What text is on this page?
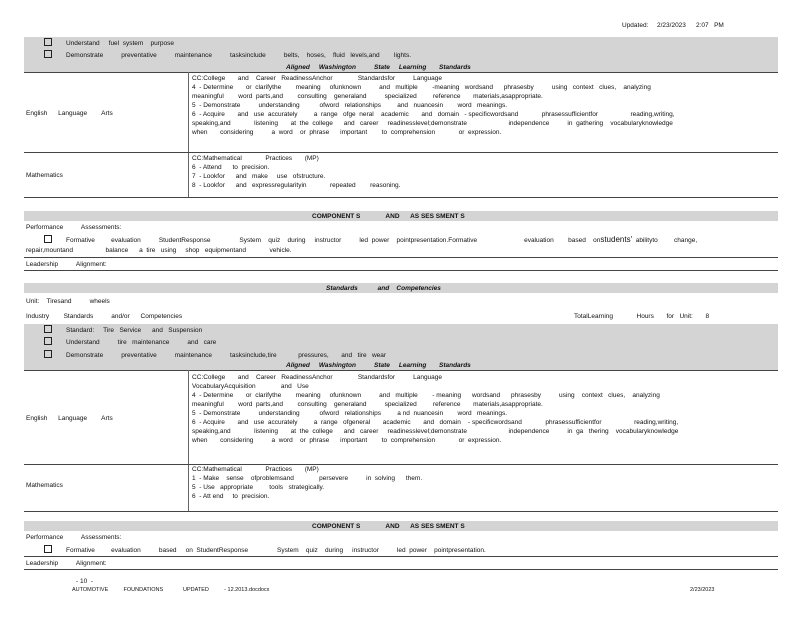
Updated: 2/23/2023 2:07   PM
Understand     fuel  system    purpose
Demonstrate          preventative          maintenance          tasksinclude          belts,    hoses,    fluid   levels,and        lights.
Aligned     Washington          State     Learning       Standards
English      Language        Arts
CC:College       and    Career   ReadinessAnchor              Standardsfor          Language
4  - Determine       or  clarifythe        meaning     ofunknown          and   multiple        -meaning   wordsand      phrasesby          using   context   clues,    analyzing
meaningful        word  parts,and        consulting    generaland          specialized         reference       materials,asappropriate.
5  - Demonstrate          understanding           ofword   relationships         and   nuancesin        word   meanings.
6  - Acquire       and   use  accurately         a  range   ofge  neral    academic       and   domain   - specificwordsand             phrasessufficientfor                  reading,writing,
speaking,and             listening       at  the  college      and   career     readinesslevel;demonstrate                       independence          in  gathering    vocabularyknowledge
when       considering          a  word    or  phrase      important        to  comprehension             or  expression.
Mathematics
CC:Mathematical             Practices       (MP)
6  - Attend      to  precision.
7  - Lookfor      and   make     use   ofstructure.
8  - Lookfor      and   expressregularityin             repeated        reasoning.
COMPONENT S              AND      AS SES SMENT S
Performance          Assessments:
Formative         evaluation          StudentResponse                System    quiz    during     instructor          led  power    pointpresentation.Formative                          evaluation        based    onstudents'  abilityto         change,
repair,mountand                  balance      a  tire   using     shop   equipmentand             vehicle.
Leadership          Alignment:
Standards           and    Competencies
Unit:    Tiresand          wheels
Industry        Standards          and/or      Competencies	TotalLearning             Hours       for   Unit:       8
Standard:     Tire   Service      and   Suspension
Understand          tire   maintenance          and   care
Demonstrate          preventative          maintenance          tasksinclude,tire            pressures,       and   tire   wear
Aligned     Washington          State     Learning       Standards
English      Language        Arts
CC:College       and    Career   ReadinessAnchor              Standardsfor          Language
VocabularyAcquisition              and   Use
4  - Determine       or  clarifythe        meaning     ofunknown          and   multiple        - meaning      wordsand      phrasesby          using    context   clues,    analyzing
meaningful        word  parts,and        consulting    generaland          specialized         reference       materials,asappropriate.
5  - Demonstrate          understanding           ofword   relationships         a nd  nuancesin        word   meanings.
6  - Acquire       and   use  accurately         a  range   ofgeneral       academic       and   domain    - specificwordsand             phrasessufficientfor                  reading,writing,
speaking,and             listening       at  the  college      and   career     readinesslevel;demonstrate                       independence          in  ga   thering    vocabularyknowledge
when       considering          a  word    or  phrase      important        to  comprehension             or  expression.
Mathematics
CC:Mathematical             Practices       (MP)
1  - Make    sense    ofproblemsand              persevere          in  solving      them.
5  - Use   appropriate         tools   strategically.
6  - Att end     to  precision.
COMPONENT S              AND      AS SES SMENT S
Performance          Assessments:
Formative         evaluation          based     on  StudentResponse                System    quiz    during     instructor          led  power    pointpresentation.
Leadership          Alignment:
- 10  -
AUTOMOTIVE          FOUNDATIONS             UPDATED          - 12.2013.docdocx	2/23/2023
